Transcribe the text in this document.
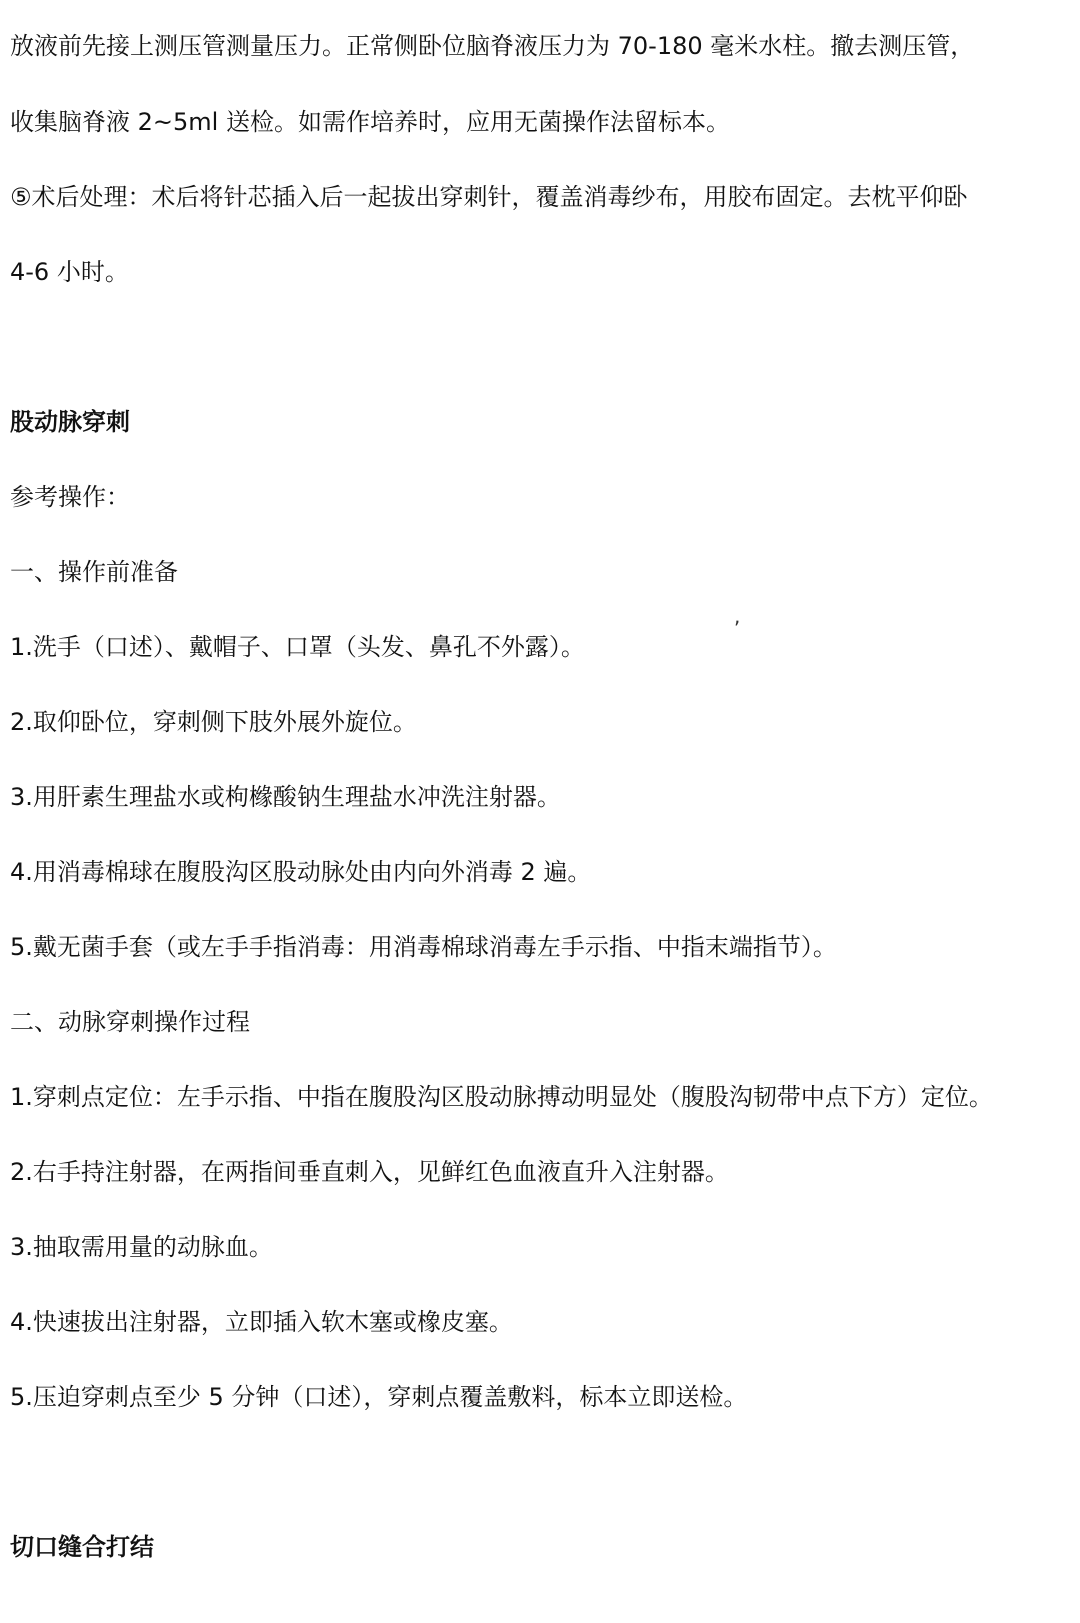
放液前先接上测压管测量压力。正常侧卧位脑脊液压力为 70-180 毫米水柱。撤去测压管，
收集脑脊液 2~5ml 送检。如需作培养时，应用无菌操作法留标本。
⑤术后处理：术后将针芯插入后一起拔出穿刺针，覆盖消毒纱布，用胶布固定。去枕平仰卧
4-6 小时。
股动脉穿刺
参考操作：
一、操作前准备
,
1.洗手（口述）、戴帽子、口罩（头发、鼻孔不外露）。
2.取仰卧位，穿刺侧下肢外展外旋位。
3.用肝素生理盐水或枸橼酸钠生理盐水冲洗注射器。
4.用消毒棉球在腹股沟区股动脉处由内向外消毒 2 遍。
5.戴无菌手套（或左手手指消毒：用消毒棉球消毒左手示指、中指末端指节）。
二、动脉穿刺操作过程
1.穿刺点定位：左手示指、中指在腹股沟区股动脉搏动明显处（腹股沟韧带中点下方）定位。
2.右手持注射器，在两指间垂直刺入，见鲜红色血液直升入注射器。
3.抽取需用量的动脉血。
4.快速拔出注射器，立即插入软木塞或橡皮塞。
5.压迫穿刺点至少 5 分钟（口述），穿刺点覆盖敷料，标本立即送检。
切口缝合打结
